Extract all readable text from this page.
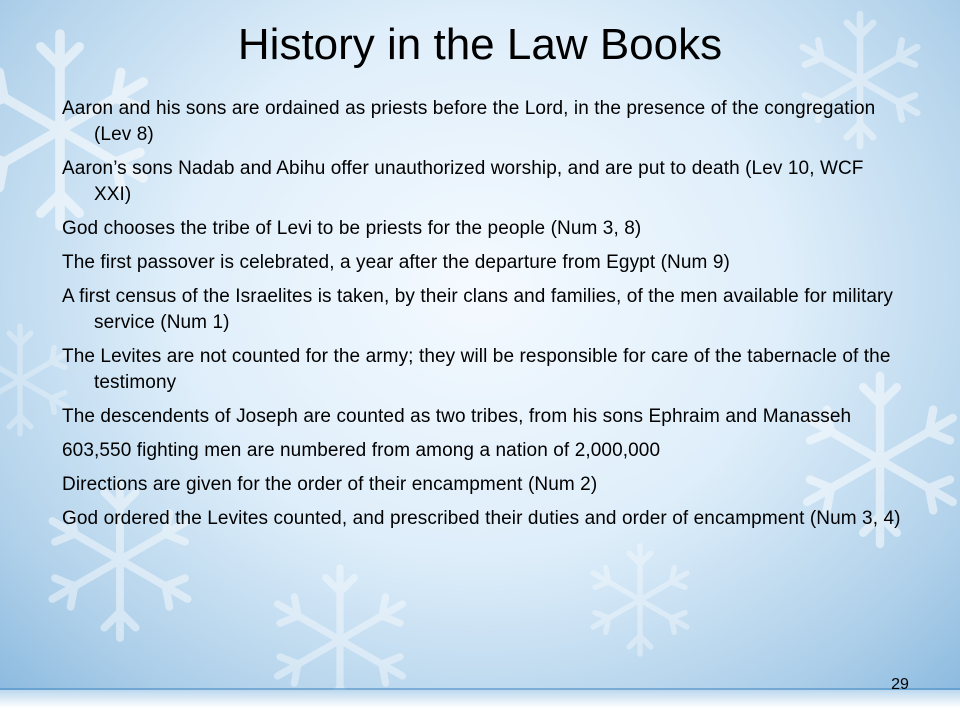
History in the Law Books
Aaron and his sons are ordained as priests before the Lord, in the presence of the congregation (Lev 8)
Aaron’s sons Nadab and Abihu offer unauthorized worship, and are put to death (Lev 10, WCF XXI)
God chooses the tribe of Levi to be priests for the people (Num 3, 8)
The first passover is celebrated, a year after the departure from Egypt (Num 9)
A first census of the Israelites is taken, by their clans and families, of the men available for military service (Num 1)
The Levites are not counted for the army; they will be responsible for care of the tabernacle of the testimony
The descendents of Joseph are counted as two tribes, from his sons Ephraim and Manasseh
603,550 fighting men are numbered from among a nation of 2,000,000
Directions are given for the order of their encampment (Num 2)
God ordered the Levites counted, and prescribed their duties and order of encampment (Num 3, 4)
29
